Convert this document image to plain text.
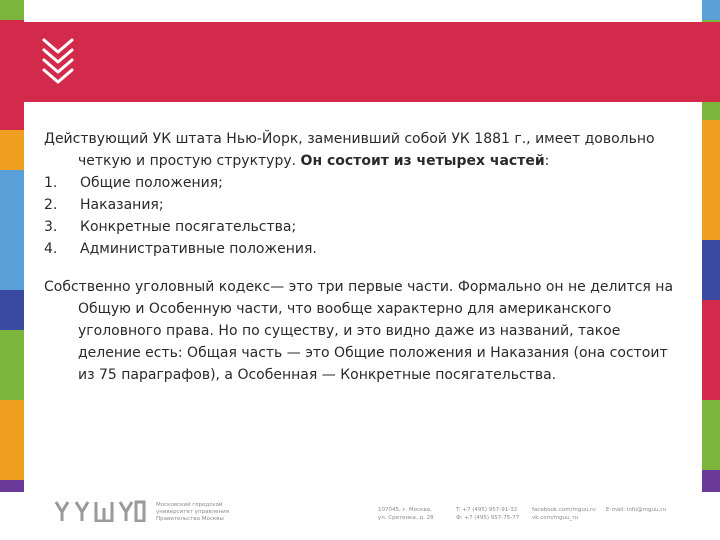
Действующий УК штата Нью-Йорк, заменивший собой УК 1881 г., имеет довольно четкую и простую структуру. Он состоит из четырех частей:

1.	Общие положения;
2.	Наказания;
3.	Конкретные посягательства;
4.	Административные положения.

Собственно уголовный кодекс— это три первые части. Формально он не делится на Общую и Особенную части, что вообще характерно для американского уголовного права. Но по существу, и это видно даже из названий, такое деление есть: Общая часть — это Общие положения и Наказания (она состоит из 75 параграфов), а Особенная — Конкретные посягательства.

Московский городской университет управления Правительства Москвы
107045, г. Москва,
ул. Сретенка, д. 28
T: +7 (495) 957-91-32
Ф: +7 (495) 957-75-77
facebook.com/mguu.ru
vk.com/mguu_ru
E-mail: info@mguu.ru
